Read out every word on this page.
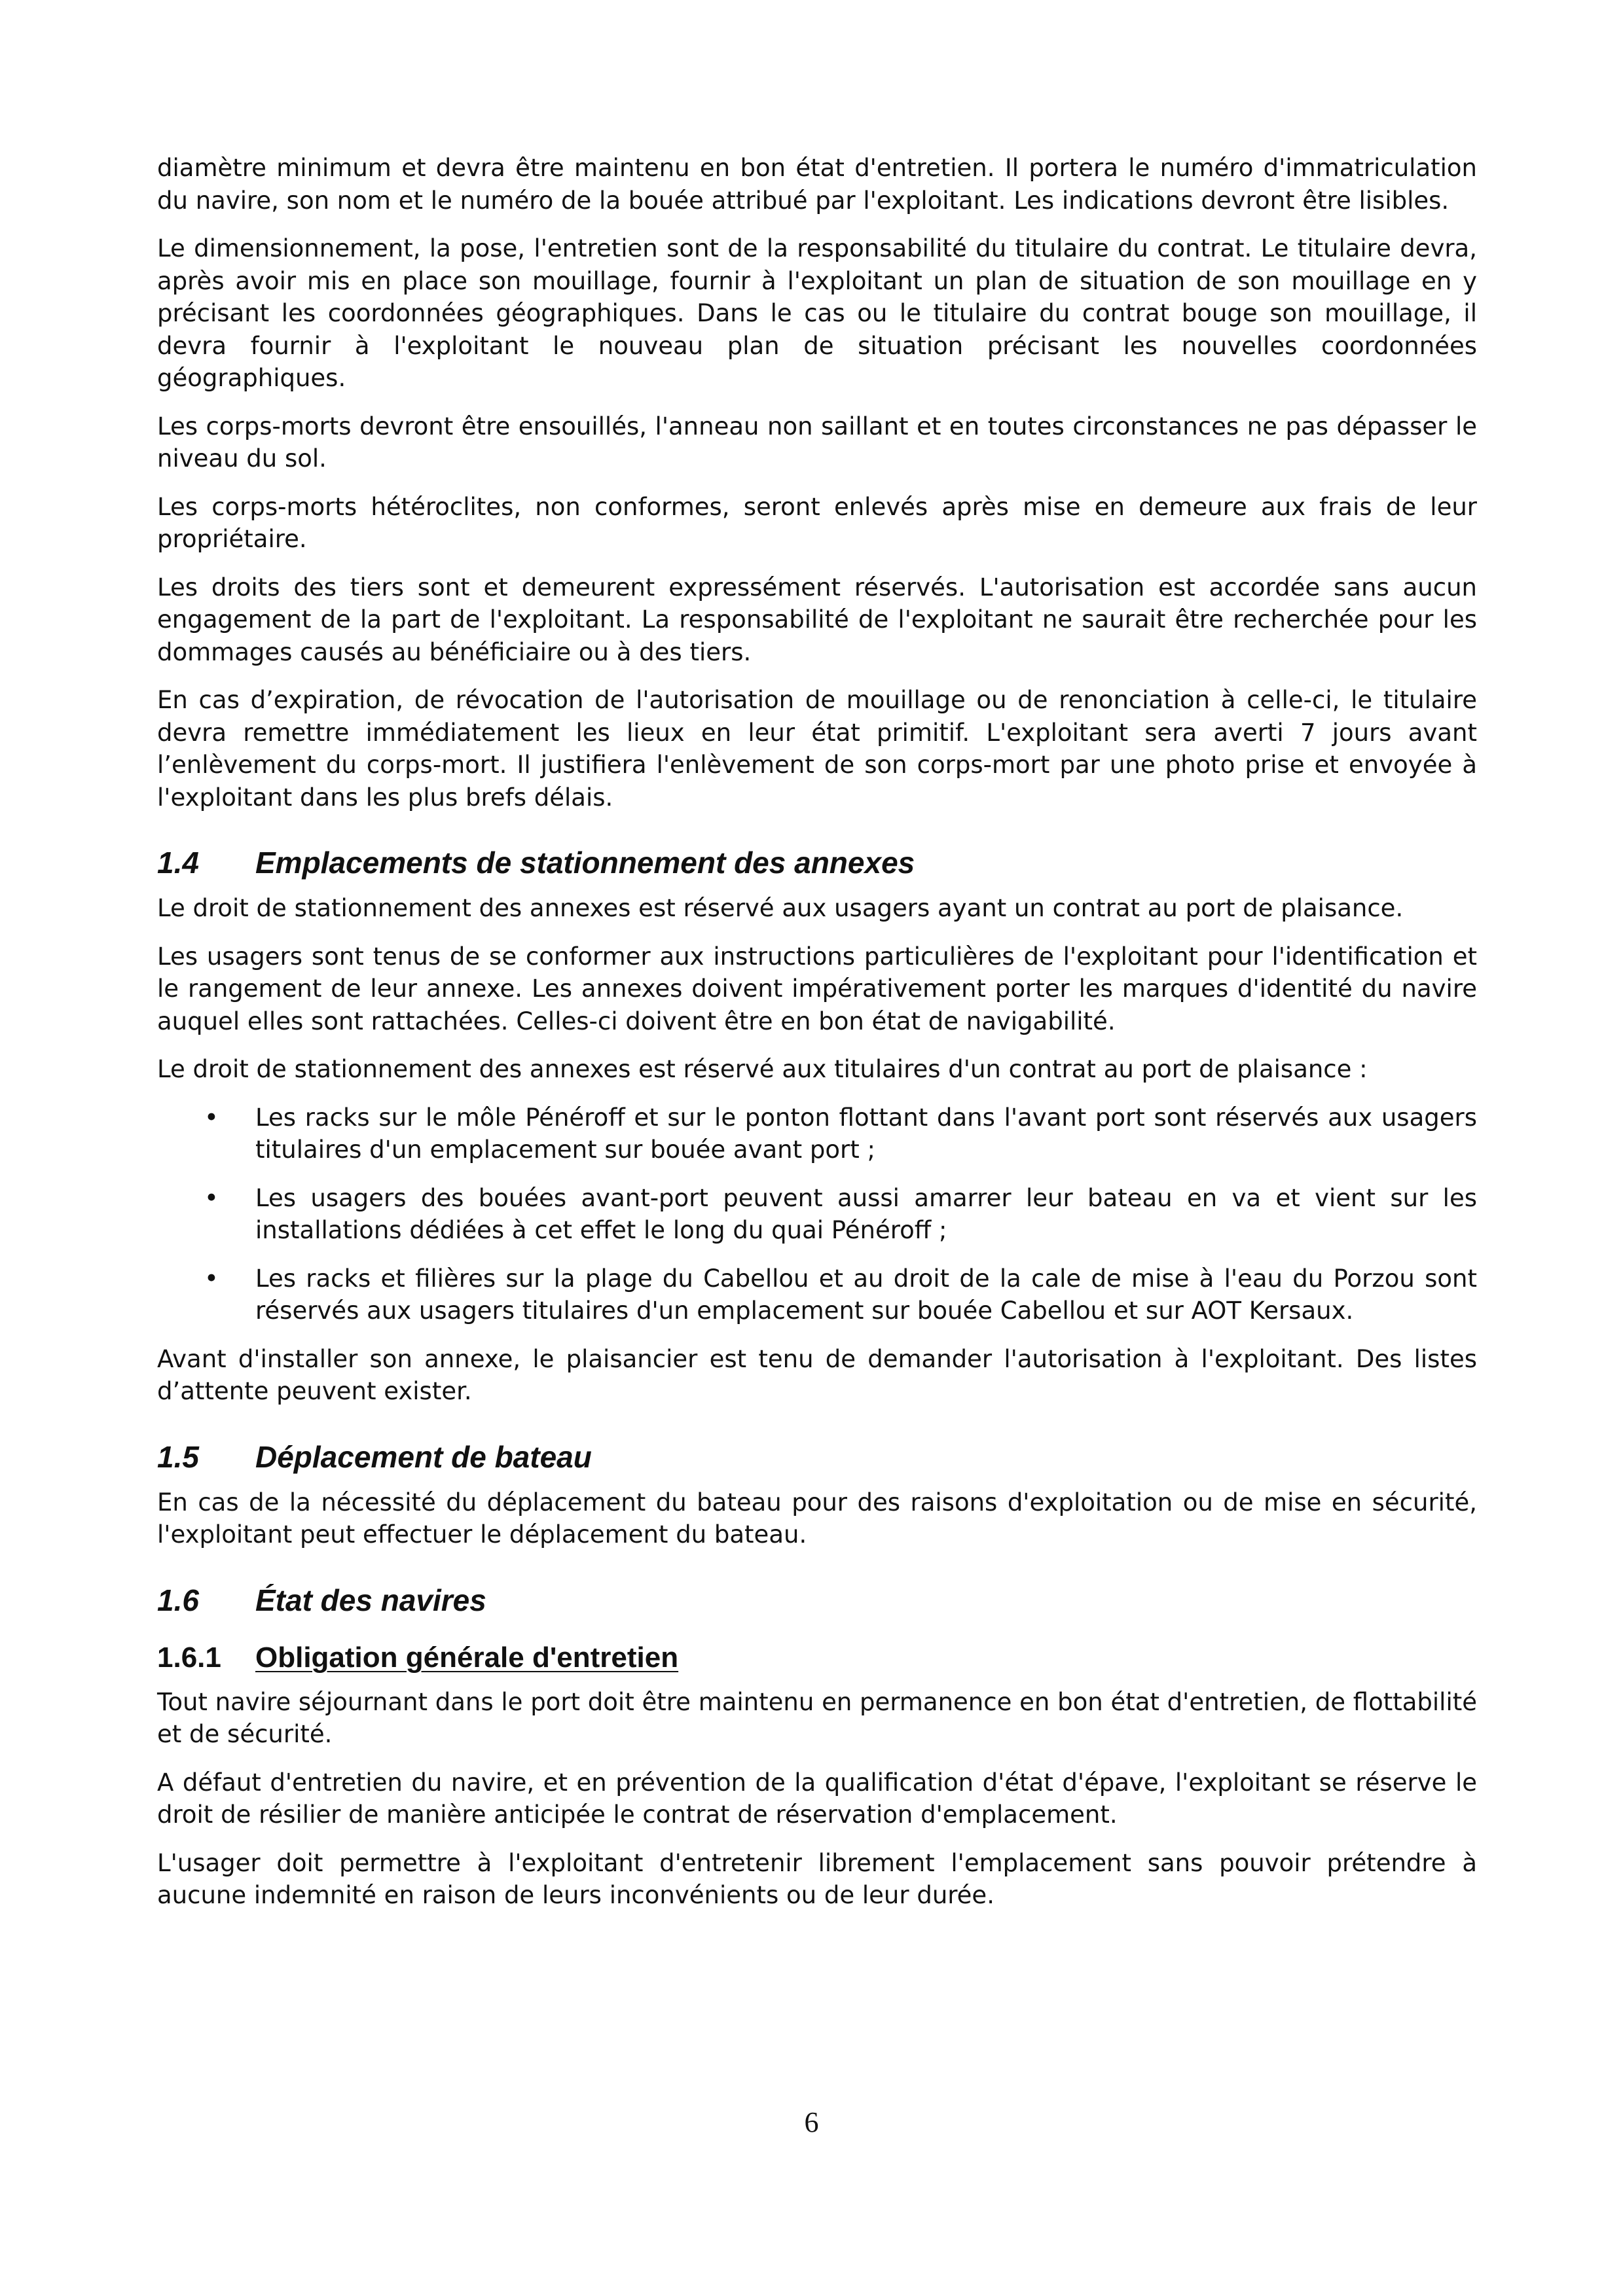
diamètre minimum et devra être maintenu en bon état d'entretien. Il portera le numéro d'immatriculation du navire, son nom et le numéro de la bouée attribué par l'exploitant. Les indications devront être lisibles.

Le dimensionnement, la pose, l'entretien sont de la responsabilité du titulaire du contrat. Le titulaire devra, après avoir mis en place son mouillage, fournir à l'exploitant un plan de situation de son mouillage en y précisant les coordonnées géographiques. Dans le cas ou le titulaire du contrat bouge son mouillage, il devra fournir à l'exploitant le nouveau plan de situation précisant les nouvelles coordonnées géographiques.

Les corps-morts devront être ensouillés, l'anneau non saillant et en toutes circonstances ne pas dépasser le niveau du sol.

Les corps-morts hétéroclites, non conformes, seront enlevés après mise en demeure aux frais de leur propriétaire.

Les droits des tiers sont et demeurent expressément réservés. L'autorisation est accordée sans aucun engagement de la part de l'exploitant. La responsabilité de l'exploitant ne saurait être recherchée pour les dommages causés au bénéficiaire ou à des tiers.

En cas d’expiration, de révocation de l'autorisation de mouillage ou de renonciation à celle-ci, le titulaire devra remettre immédiatement les lieux en leur état primitif. L'exploitant sera averti 7 jours avant l’enlèvement du corps-mort. Il justifiera l'enlèvement de son corps-mort par une photo prise et envoyée à l'exploitant dans les plus brefs délais.

1.4	Emplacements de stationnement des annexes

Le droit de stationnement des annexes est réservé aux usagers ayant un contrat au port de plaisance.

Les usagers sont tenus de se conformer aux instructions particulières de l'exploitant pour l'identification et le rangement de leur annexe. Les annexes doivent impérativement porter les marques d'identité du navire auquel elles sont rattachées. Celles-ci doivent être en bon état de navigabilité.

Le droit de stationnement des annexes est réservé aux titulaires d'un contrat au port de plaisance :

•	Les racks sur le môle Pénéroff et sur le ponton flottant dans l'avant port sont réservés aux usagers titulaires d'un emplacement sur bouée avant port ;
•	Les usagers des bouées avant-port peuvent aussi amarrer leur bateau en va et vient sur les installations dédiées à cet effet le long du quai Pénéroff ;
•	Les racks et filières sur la plage du Cabellou et au droit de la cale de mise à l'eau du Porzou sont réservés aux usagers titulaires d'un emplacement sur bouée Cabellou et sur AOT Kersaux.

Avant d'installer son annexe, le plaisancier est tenu de demander l'autorisation à l'exploitant. Des listes d’attente peuvent exister.

1.5	Déplacement de bateau

En cas de la nécessité du déplacement du bateau pour des raisons d'exploitation ou de mise en sécurité, l'exploitant peut effectuer le déplacement du bateau.

1.6	État des navires
1.6.1	Obligation générale d'entretien

Tout navire séjournant dans le port doit être maintenu en permanence en bon état d'entretien, de flottabilité et de sécurité.

A défaut d'entretien du navire, et en prévention de la qualification d'état d'épave, l'exploitant se réserve le droit de résilier de manière anticipée le contrat de réservation d'emplacement.

L'usager doit permettre à l'exploitant d'entretenir librement l'emplacement sans pouvoir prétendre à aucune indemnité en raison de leurs inconvénients ou de leur durée.

6
